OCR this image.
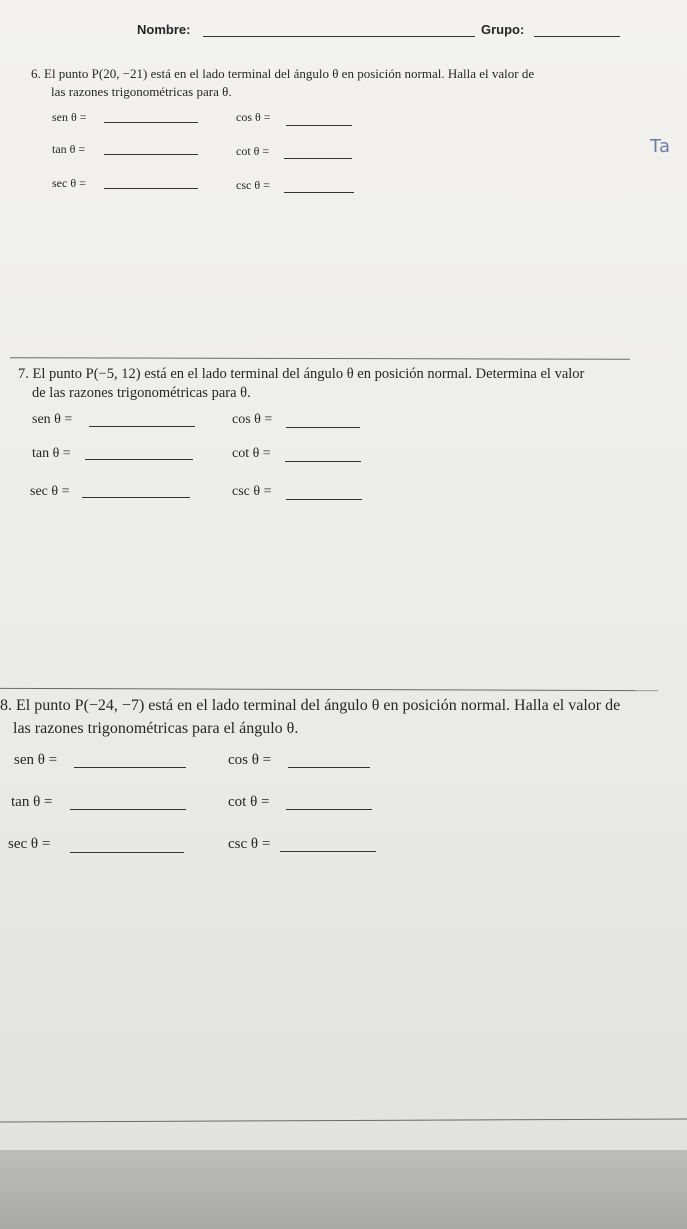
Nombre:	Grupo:
Ta
6. El punto P(20, −21) está en el lado terminal del ángulo θ en posición normal. Halla el valor de
las razones trigonométricas para θ.
sen θ =	cos θ =
tan θ =	cot θ =
sec θ =	csc θ =
7. El punto P(−5, 12) está en el lado terminal del ángulo θ en posición normal. Determina el valor
de las razones trigonométricas para θ.
sen θ =	cos θ =
tan θ =	cot θ =
sec θ =	csc θ =
8. El punto P(−24, −7) está en el lado terminal del ángulo θ en posición normal. Halla el valor de
las razones trigonométricas para el ángulo θ.
sen θ =	cos θ =
tan θ =	cot θ =
sec θ =	csc θ =
